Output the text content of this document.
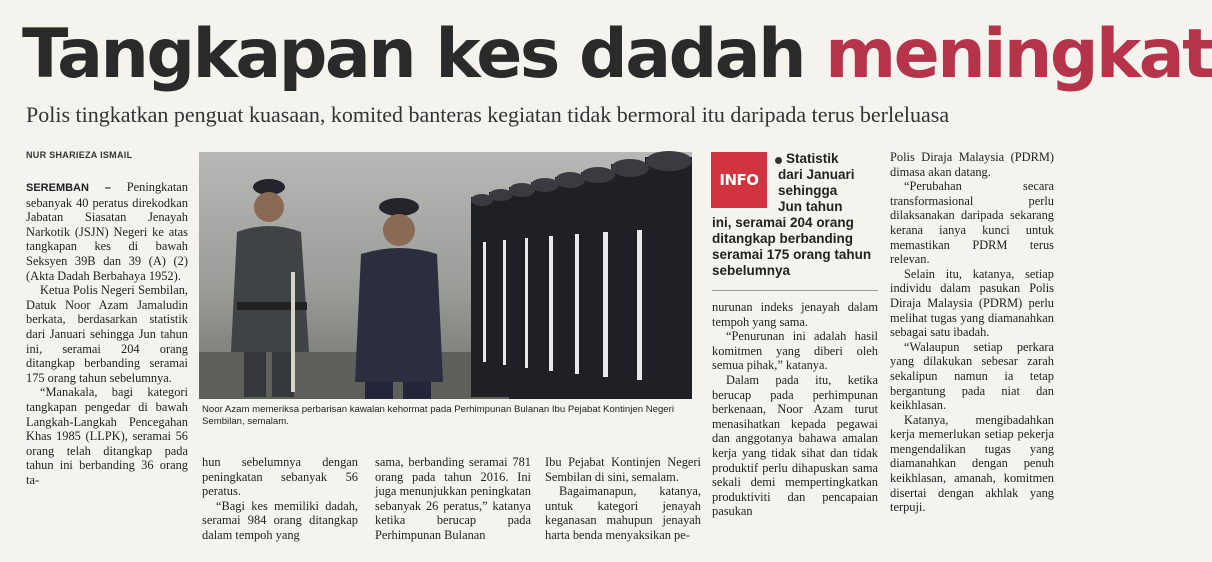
Tangkapan kes dadah meningkat
Polis tingkatkan penguat kuasaan, komited banteras kegiatan tidak bermoral itu daripada terus berleluasa
NUR SHARIEZA ISMAIL

SEREMBAN – Peningkatan sebanyak 40 peratus direkodkan Jabatan Siasatan Jenayah Narkotik (JSJN) Negeri ke atas tangkapan kes di bawah Seksyen 39B dan 39 (A) (2) (Akta Dadah Berbahaya 1952).

Ketua Polis Negeri Sembilan, Datuk Noor Azam Jamaludin berkata, berdasarkan statistik dari Januari sehingga Jun tahun ini, seramai 204 orang ditangkap berbanding seramai 175 orang tahun sebelumnya.

“Manakala, bagi kategori tangkapan pengedar di bawah Langkah-Langkah Pencegahan Khas 1985 (LLPK), seramai 56 orang telah ditangkap pada tahun ini berbanding 36 orang ta-

Noor Azam memeriksa perbarisan kawalan kehormat pada Perhimpunan Bulanan Ibu Pejabat Kontinjen Negeri Sembilan, semalam.

hun sebelumnya dengan peningkatan sebanyak 56 peratus.

“Bagi kes memiliki dadah, seramai 984 orang ditangkap dalam tempoh yang

sama, berbanding seramai 781 orang pada tahun 2016. Ini juga menunjukkan peningkatan sebanyak 26 peratus,” katanya ketika berucap pada Perhimpunan Bulanan

Ibu Pejabat Kontinjen Negeri Sembilan di sini, semalam.

Bagaimanapun, katanya, untuk kategori jenayah keganasan mahupun jenayah harta benda menyaksikan pe-

INFO
Statistik
dari Januari
sehingga
Jun tahun
ini, seramai 204 orang
ditangkap berbanding
seramai 175 orang tahun
sebelumnya

nurunan indeks jenayah dalam tempoh yang sama.

“Penurunan ini adalah hasil komitmen yang diberi oleh semua pihak,” katanya.

Dalam pada itu, ketika berucap pada perhimpunan berkenaan, Noor Azam turut menasihatkan kepada pegawai dan anggotanya bahawa amalan kerja yang tidak sihat dan tidak produktif perlu dihapuskan sama sekali demi mempertingkatkan produktiviti dan pencapaian pasukan

Polis Diraja Malaysia (PDRM) dimasa akan datang.

“Perubahan secara transformasional perlu dilaksanakan daripada sekarang kerana ianya kunci untuk memastikan PDRM terus relevan.

Selain itu, katanya, setiap individu dalam pasukan Polis Diraja Malaysia (PDRM) perlu melihat tugas yang diamanahkan sebagai satu ibadah.

“Walaupun setiap perkara yang dilakukan sebesar zarah sekalipun namun ia tetap bergantung pada niat dan keikhlasan.

Katanya, mengibadahkan kerja memerlukan setiap pekerja mengendalikan tugas yang diamanahkan dengan penuh keikhlasan, amanah, komitmen disertai dengan akhlak yang terpuji.
